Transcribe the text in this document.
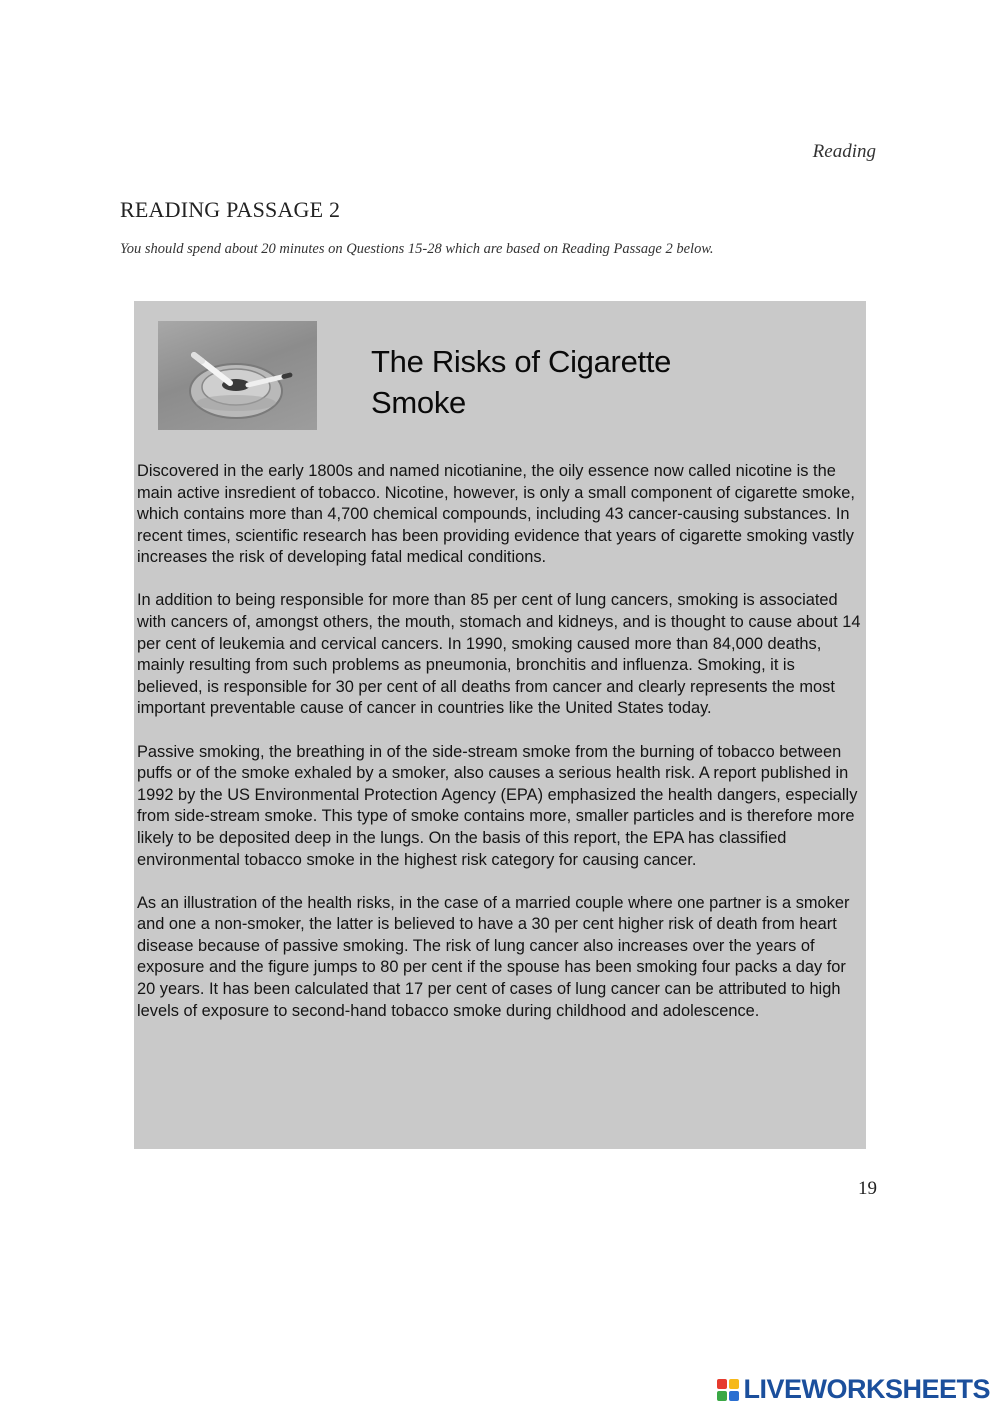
Reading
READING PASSAGE 2
You should spend about 20 minutes on Questions 15-28 which are based on Reading Passage 2 below.
The Risks of Cigarette Smoke

Discovered in the early 1800s and named nicotianine, the oily essence now called nicotine is the main active insredient of tobacco. Nicotine, however, is only a small component of cigarette smoke, which contains more than 4,700 chemical compounds, including 43 cancer-causing substances. In recent times, scientific research has been providing evidence that years of cigarette smoking vastly increases the risk of developing fatal medical conditions.

In addition to being responsible for more than 85 per cent of lung cancers, smoking is associated with cancers of, amongst others, the mouth, stomach and kidneys, and is thought to cause about 14 per cent of leukemia and cervical cancers. In 1990, smoking caused more than 84,000 deaths, mainly resulting from such problems as pneumonia, bronchitis and influenza. Smoking, it is believed, is responsible for 30 per cent of all deaths from cancer and clearly represents the most important preventable cause of cancer in countries like the United States today.

Passive smoking, the breathing in of the side-stream smoke from the burning of tobacco between puffs or of the smoke exhaled by a smoker, also causes a serious health risk. A report published in 1992 by the US Environmental Protection Agency (EPA) emphasized the health dangers, especially from side-stream smoke. This type of smoke contains more, smaller particles and is therefore more likely to be deposited deep in the lungs. On the basis of this report, the EPA has classified environmental tobacco smoke in the highest risk category for causing cancer.

As an illustration of the health risks, in the case of a married couple where one partner is a smoker and one a non-smoker, the latter is believed to have a 30 per cent higher risk of death from heart disease because of passive smoking. The risk of lung cancer also increases over the years of exposure and the figure jumps to 80 per cent if the spouse has been smoking four packs a day for 20 years. It has been calculated that 17 per cent of cases of lung cancer can be attributed to high levels of exposure to second-hand tobacco smoke during childhood and adolescence.

19
LIVEWORKSHEETS
